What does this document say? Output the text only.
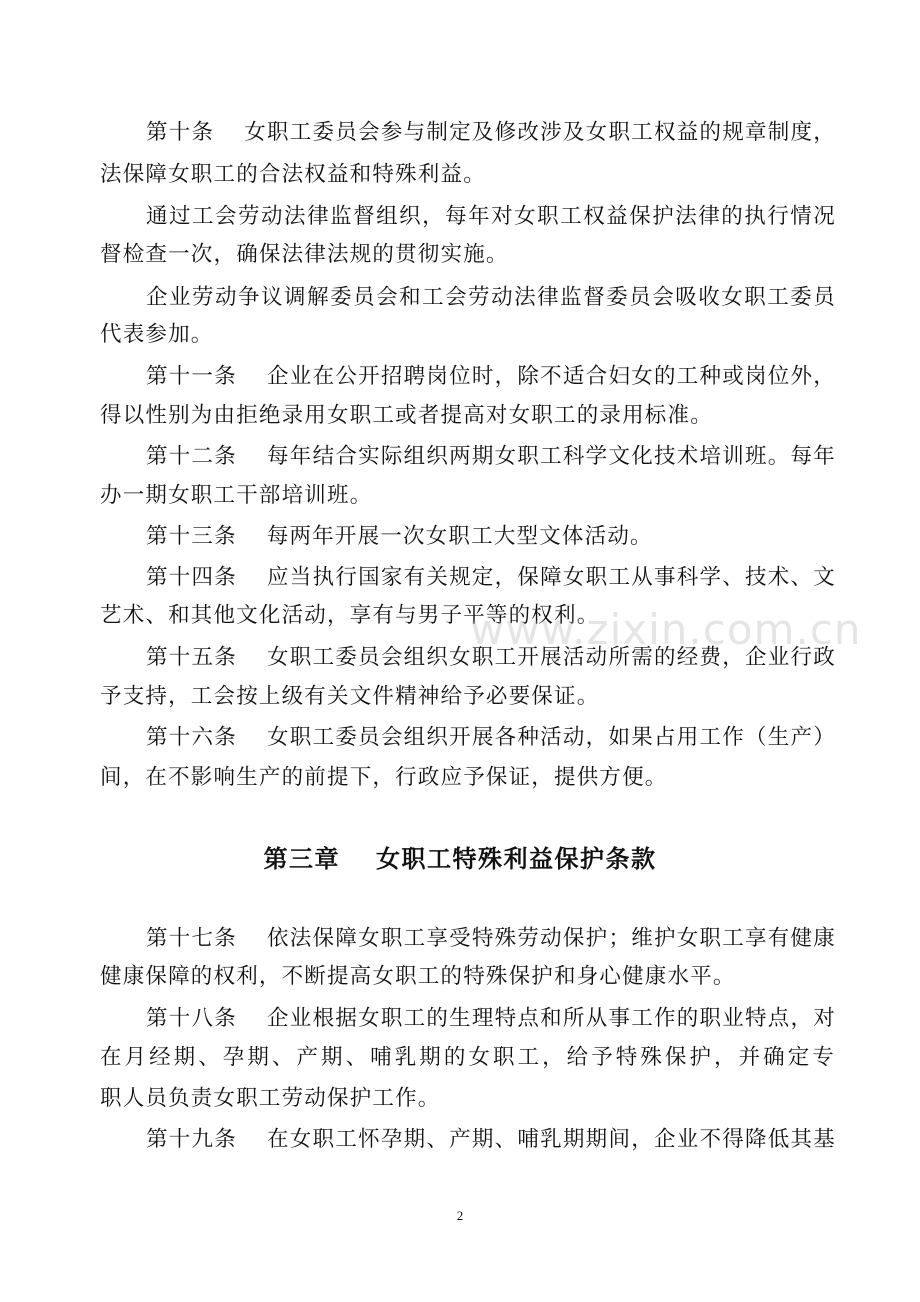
第十条 女职工委员会参与制定及修改涉及女职工权益的规章制度，
法保障女职工的合法权益和特殊利益。
通过工会劳动法律监督组织，每年对女职工权益保护法律的执行情况
督检查一次，确保法律法规的贯彻实施。
企业劳动争议调解委员会和工会劳动法律监督委员会吸收女职工委员
代表参加。
第十一条 企业在公开招聘岗位时，除不适合妇女的工种或岗位外，
得以性别为由拒绝录用女职工或者提高对女职工的录用标准。
第十二条 每年结合实际组织两期女职工科学文化技术培训班。每年
办一期女职工干部培训班。
第十三条 每两年开展一次女职工大型文体活动。
第十四条 应当执行国家有关规定，保障女职工从事科学、技术、文
艺术、和其他文化活动，享有与男子平等的权利。
第十五条 女职工委员会组织女职工开展活动所需的经费，企业行政
予支持，工会按上级有关文件精神给予必要保证。
第十六条 女职工委员会组织开展各种活动，如果占用工作（生产）
间，在不影响生产的前提下，行政应予保证，提供方便。
第三章 女职工特殊利益保护条款
第十七条 依法保障女职工享受特殊劳动保护；维护女职工享有健康
健康保障的权利，不断提高女职工的特殊保护和身心健康水平。
第十八条 企业根据女职工的生理特点和所从事工作的职业特点，对
在月经期、孕期、产期、哺乳期的女职工，给予特殊保护，并确定专
职人员负责女职工劳动保护工作。
第十九条 在女职工怀孕期、产期、哺乳期期间，企业不得降低其基
www.zixin.com.cn
2
